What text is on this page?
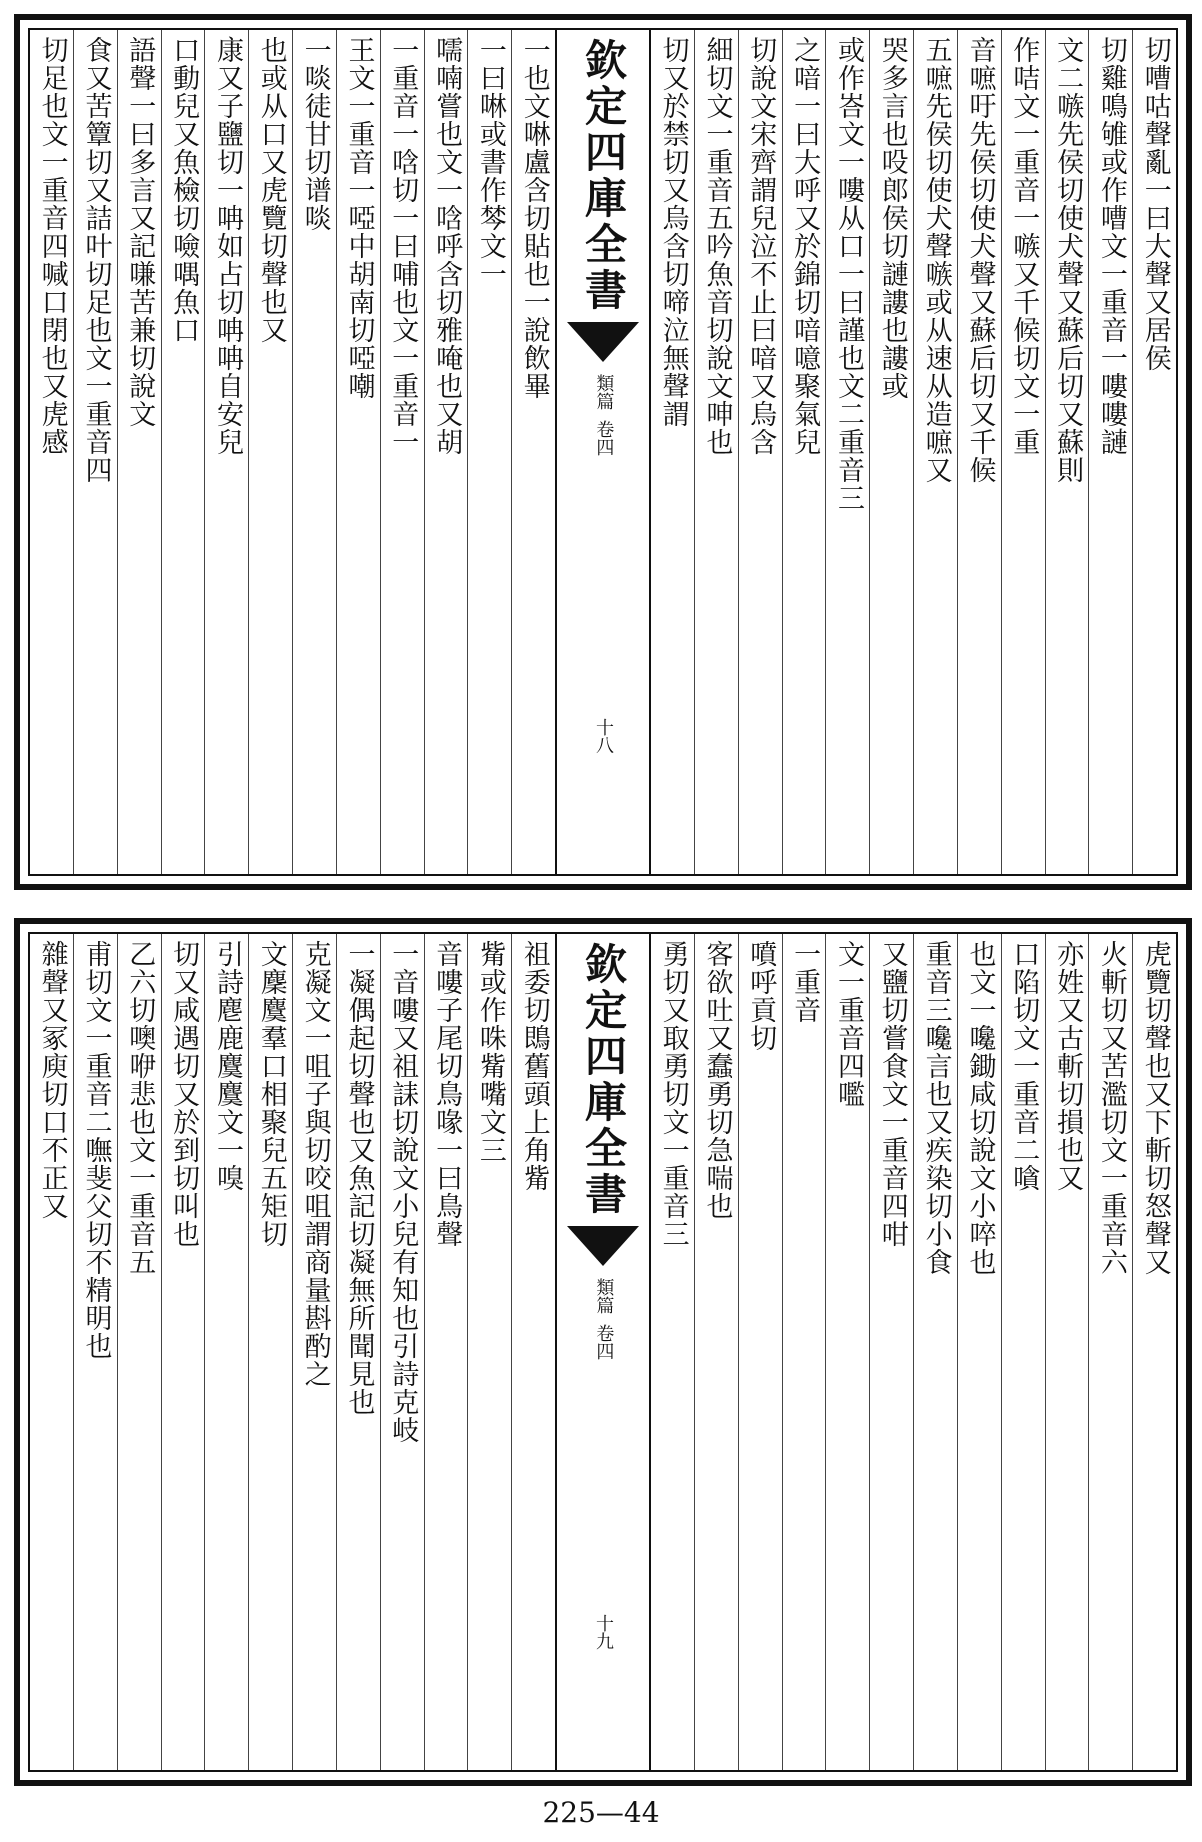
切嘈咕聲亂一曰大聲又居侯
切雞鳴雊或作嘈文一重音一嘍嘍謰
文二嗾先侯切使犬聲又蘇后切又蘇則
作咭文一重音一嗾又千候切文一重
音嗻吁先侯切使犬聲又蘇后切又千候
五嗻先侯切使犬聲嗾或从速从造嗻又
哭多言也吺郎侯切謰謱也謱或
或作峇文一嘍从口一曰謹也文二重音三
之喑一曰大呼又於錦切喑噫聚氣兒
切說文宋齊謂兒泣不止曰喑又烏含
細切文一重音五吟魚音切說文呻也
切又於禁切又烏含切啼泣無聲謂
欽定四庫全書
類篇
卷四
十八
一也文啉盧含切貼也一說飲畢
一曰啉或書作棽文一
嚅喃嘗也文一唅呼含切雅唵也又胡
一重音一唅切一曰哺也文一重音一
王文一重音一啞中胡南切啞嘲
一啖徒甘切谱啖
也或从口又虎覽切聲也又
康又子鹽切一呥如占切呥呥自安兒
口動兒又魚檢切噞喁魚口
語聲一曰多言又記嗛苦兼切說文
食又苦簟切又詰叶切足也文一重音四
切足也文一重音四喊口閉也又虎感
虎覽切聲也又下斬切怒聲又
火斬切又苦濫切文一重音六
亦姓又古斬切損也又
口陷切文一重音二嗿
也文一嚵鋤咸切說文小啐也
重音三嚵言也又疾染切小食
又鹽切嘗食文一重音四咁
文一重音四嚂
一重音
噴呼貢切
客欲吐又蠢勇切急喘也
勇切又取勇切文一重音三
欽定四庫全書
類篇
卷四
十九
祖委切鵖舊頭上角觜
觜或作咮觜嘴文三
音嘍子尾切鳥喙一曰鳥聲
一音嘍又祖誄切說文小兒有知也引詩克岐
一凝偶起切聲也又魚記切凝無所聞見也
克凝文一咀子與切咬咀謂商量斟酌之
文麇麌羣口相聚兒五矩切
引詩麀鹿麌麌文一嗅
切又咸遇切又於到切叫也
乙六切噢咿悲也文一重音五
甫切文一重音二嘸斐父切不精明也
雜聲又冢庾切口不正又
225—44
